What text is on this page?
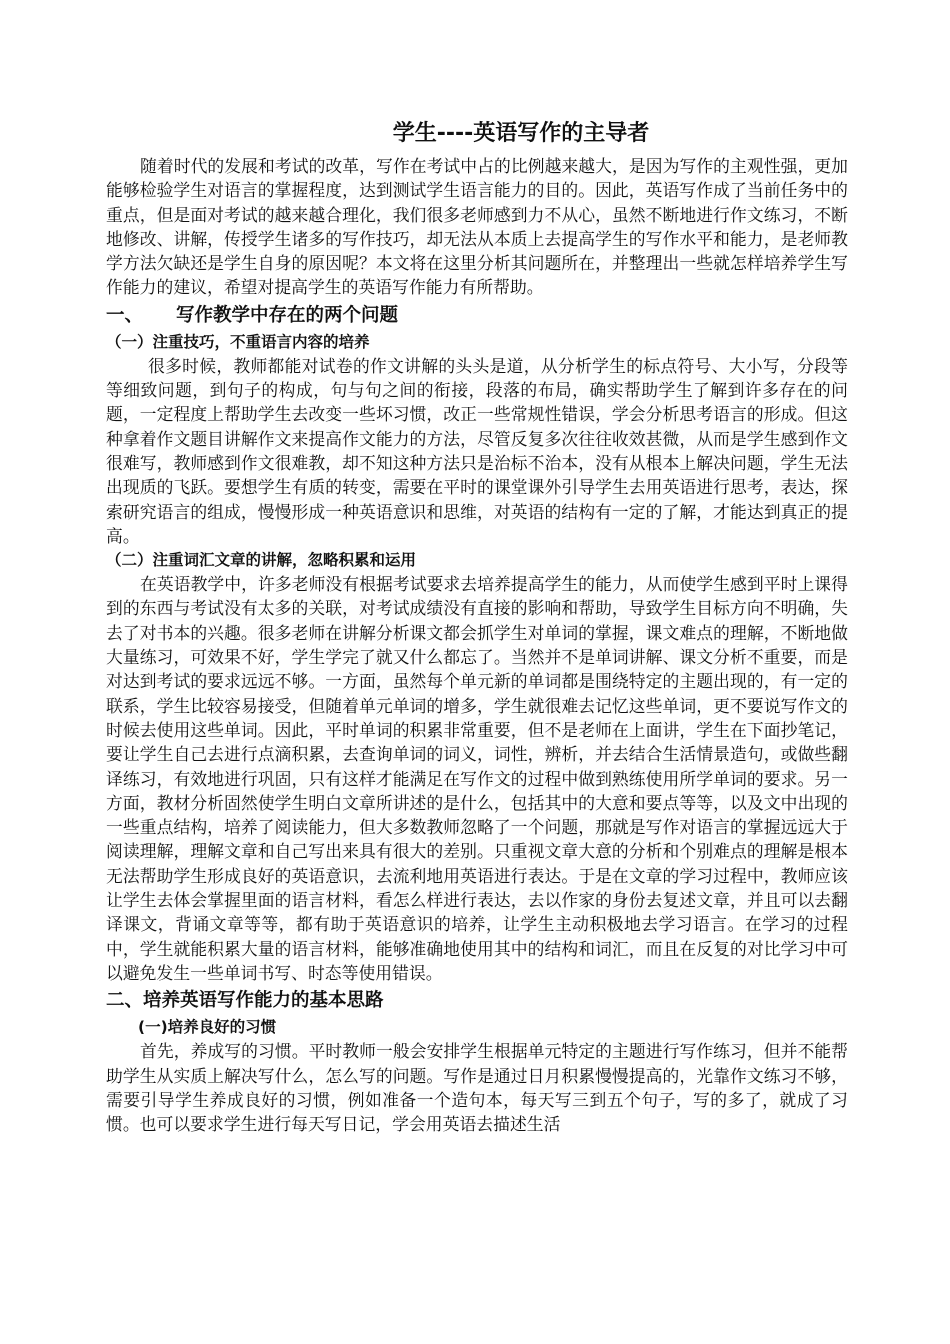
学生----英语写作的主导者

随着时代的发展和考试的改革，写作在考试中占的比例越来越大，是因为写作的主观性强，更加能够检验学生对语言的掌握程度，达到测试学生语言能力的目的。因此，英语写作成了当前任务中的重点，但是面对考试的越来越合理化，我们很多老师感到力不从心，虽然不断地进行作文练习，不断地修改、讲解，传授学生诸多的写作技巧，却无法从本质上去提高学生的写作水平和能力，是老师教学方法欠缺还是学生自身的原因呢？本文将在这里分析其问题所在，并整理出一些就怎样培养学生写作能力的建议，希望对提高学生的英语写作能力有所帮助。

一、 写作教学中存在的两个问题
（一）注重技巧，不重语言内容的培养

很多时候，教师都能对试卷的作文讲解的头头是道，从分析学生的标点符号、大小写，分段等等细致问题，到句子的构成，句与句之间的衔接，段落的布局，确实帮助学生了解到许多存在的问题，一定程度上帮助学生去改变一些坏习惯，改正一些常规性错误，学会分析思考语言的形成。但这种拿着作文题目讲解作文来提高作文能力的方法，尽管反复多次往往收效甚微，从而是学生感到作文很难写，教师感到作文很难教，却不知这种方法只是治标不治本，没有从根本上解决问题，学生无法出现质的飞跃。要想学生有质的转变，需要在平时的课堂课外引导学生去用英语进行思考，表达，探索研究语言的组成，慢慢形成一种英语意识和思维，对英语的结构有一定的了解，才能达到真正的提高。

（二）注重词汇文章的讲解，忽略积累和运用

在英语教学中，许多老师没有根据考试要求去培养提高学生的能力，从而使学生感到平时上课得到的东西与考试没有太多的关联，对考试成绩没有直接的影响和帮助，导致学生目标方向不明确，失去了对书本的兴趣。很多老师在讲解分析课文都会抓学生对单词的掌握，课文难点的理解，不断地做大量练习，可效果不好，学生学完了就又什么都忘了。当然并不是单词讲解、课文分析不重要，而是对达到考试的要求远远不够。一方面，虽然每个单元新的单词都是围绕特定的主题出现的，有一定的联系，学生比较容易接受，但随着单元单词的增多，学生就很难去记忆这些单词，更不要说写作文的时候去使用这些单词。因此，平时单词的积累非常重要，但不是老师在上面讲，学生在下面抄笔记，要让学生自己去进行点滴积累，去查询单词的词义，词性，辨析，并去结合生活情景造句，或做些翻译练习，有效地进行巩固，只有这样才能满足在写作文的过程中做到熟练使用所学单词的要求。另一方面，教材分析固然使学生明白文章所讲述的是什么，包括其中的大意和要点等等，以及文中出现的一些重点结构，培养了阅读能力，但大多数教师忽略了一个问题，那就是写作对语言的掌握远远大于阅读理解，理解文章和自己写出来具有很大的差别。只重视文章大意的分析和个别难点的理解是根本无法帮助学生形成良好的英语意识，去流利地用英语进行表达。于是在文章的学习过程中，教师应该让学生去体会掌握里面的语言材料，看怎么样进行表达，去以作家的身份去复述文章，并且可以去翻译课文，背诵文章等等，都有助于英语意识的培养，让学生主动积极地去学习语言。在学习的过程中，学生就能积累大量的语言材料，能够准确地使用其中的结构和词汇，而且在反复的对比学习中可以避免发生一些单词书写、时态等使用错误。

二、培养英语写作能力的基本思路
(一)培养良好的习惯

首先，养成写的习惯。平时教师一般会安排学生根据单元特定的主题进行写作练习，但并不能帮助学生从实质上解决写什么，怎么写的问题。写作是通过日月积累慢慢提高的，光靠作文练习不够，需要引导学生养成良好的习惯，例如准备一个造句本，每天写三到五个句子，写的多了，就成了习惯。也可以要求学生进行每天写日记，学会用英语去描述生活
